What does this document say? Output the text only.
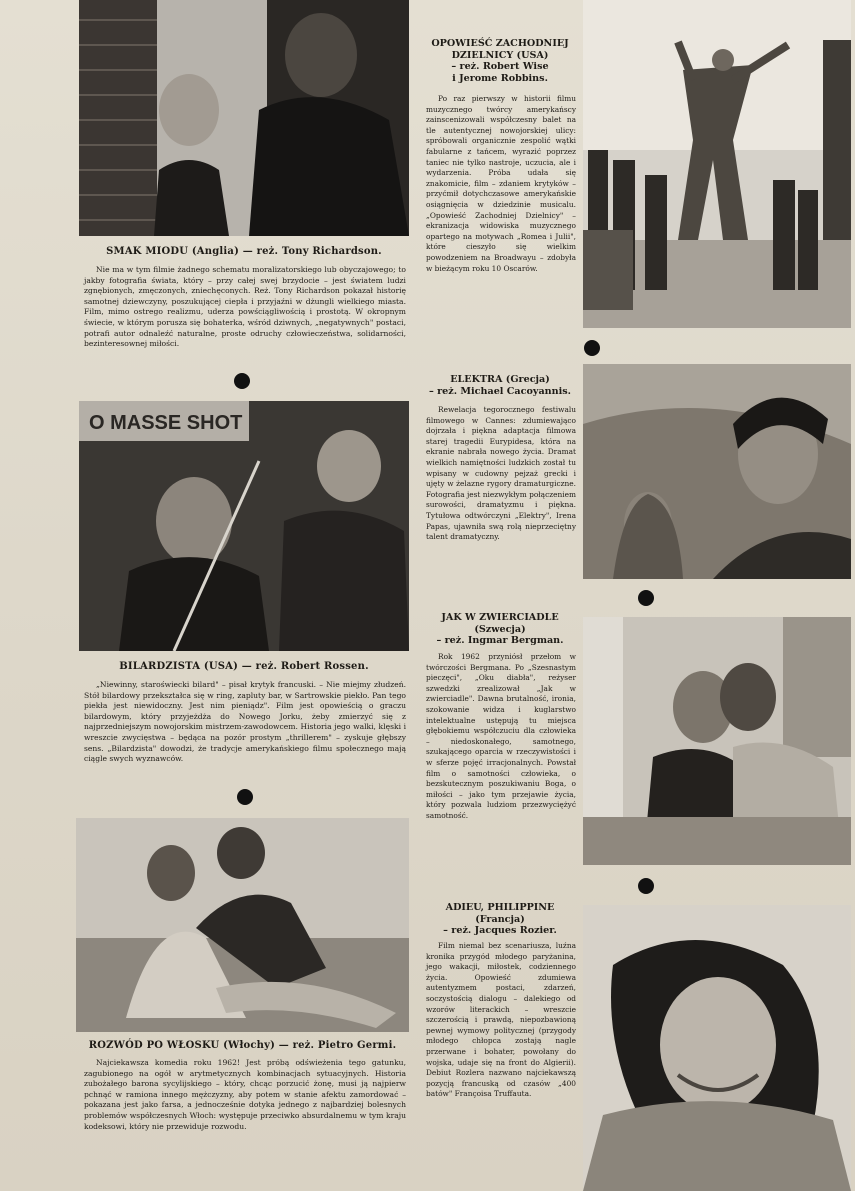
SMAK MIODU (Anglia) — reż. Tony Richardson.

Nie ma w tym filmie żadnego schematu moralizatorskiego lub obyczajowego; to jakby fotografia świata, który – przy całej swej brzydocie – jest światem ludzi zgnębionych, zmęczonych, zniechęconych. Reż. Tony Richardson pokazał historię samotnej dziewczyny, poszukującej ciepła i przyjaźni w dżungli wielkiego miasta. Film, mimo ostrego realizmu, uderza powściągliwością i prostotą. W okropnym świecie, w którym porusza się bohaterka, wśród dziwnych, „negatywnych" postaci, potrafi autor odnaleźć naturalne, proste odruchy człowieczeństwa, solidarności, bezinteresownej miłości.

O MASSE SHOT
BILARDZISTA (USA) — reż. Robert Rossen.

„Niewinny, staroświecki bilard" – pisał krytyk francuski. – Nie miejmy złudzeń. Stół bilardowy przekształca się w ring, zapluty bar, w Sartrowskie piekło. Pan tego piekła jest niewidoczny. Jest nim pieniądz". Film jest opowieścią o graczu bilardowym, który przyjeżdża do Nowego Jorku, żeby zmierzyć się z najprzedniejszym nowojorskim mistrzem-zawodowcem. Historia jego walki, klęski i wreszcie zwycięstwa – będąca na pozór prostym „thrillerem" – zyskuje głębszy sens. „Bilardzista" dowodzi, że tradycje amerykańskiego filmu społecznego mają ciągle swych wyznawców.

ROZWÓD PO WŁOSKU (Włochy) — reż. Pietro Germi.

Najciekawsza komedia roku 1962! Jest próbą odświeżenia tego gatunku, zagubionego na ogół w arytmetycznych kombinacjach sytuacyjnych. Historia zubożałego barona sycylijskiego – który, chcąc porzucić żonę, musi ją najpierw pchnąć w ramiona innego mężczyzny, aby potem w stanie afektu zamordować – pokazana jest jako farsa, a jednocześnie dotyka jednego z najbardziej bolesnych problemów współczesnych Włoch: występuje przeciwko absurdalnemu w tym kraju kodeksowi, który nie przewiduje rozwodu.

OPOWIEŚĆ ZACHODNIEJ
DZIELNICY (USA)
– reż. Robert Wise
i Jerome Robbins.

Po raz pierwszy w historii filmu muzycznego twórcy amerykańscy zainscenizowali współczesny balet na tle autentycznej nowojorskiej ulicy: spróbowali organicznie zespolić wątki fabularne z tańcem, wyrazić poprzez taniec nie tylko nastroje, uczucia, ale i wydarzenia. Próba udała się znakomicie, film – zdaniem krytyków – przyćmił dotychczasowe amerykańskie osiągnięcia w dziedzinie musicalu. „Opowieść Zachodniej Dzielnicy" – ekranizacja widowiska muzycznego opartego na motywach „Romea i Julii", które cieszyło się wielkim powodzeniem na Broadwayu – zdobyła w bieżącym roku 10 Oscarów.

ELEKTRA (Grecja)
– reż. Michael Cacoyannis.

Rewelacja tegorocznego festiwalu filmowego w Cannes: zdumiewająco dojrzała i piękna adaptacja filmowa starej tragedii Eurypidesa, która na ekranie nabrała nowego życia. Dramat wielkich namiętności ludzkich został tu wpisany w cudowny pejzaż grecki i ujęty w żelazne rygory dramaturgiczne. Fotografia jest niezwykłym połączeniem surowości, dramatyzmu i piękna. Tytułowa odtwórczyni „Elektry", Irena Papas, ujawniła swą rolą nieprzeciętny talent dramatyczny.

JAK W ZWIERCIADLE
(Szwecja)
– reż. Ingmar Bergman.

Rok 1962 przyniósł przełom w twórczości Bergmana. Po „Szesnastym pieczęci", „Oku diabła", reżyser szwedzki zrealizował „Jak w zwierciadle". Dawna brutalność, ironia, szokowanie widza i kuglarstwo intelektualne ustępują tu miejsca głębokiemu współczuciu dla człowieka – niedoskonałego, samotnego, szukającego oparcia w rzeczywistości i w sferze pojęć irracjonalnych. Powstał film o samotności człowieka, o bezskutecznym poszukiwaniu Boga, o miłości – jako tym przejawie życia, który pozwala ludziom przezwyciężyć samotność.

ADIEU, PHILIPPINE
(Francja)
– reż. Jacques Rozier.

Film niemal bez scenariusza, luźna kronika przygód młodego paryżanina, jego wakacji, miłostek, codziennego życia. Opowieść zdumiewa autentyzmem postaci, zdarzeń, soczystością dialogu – dalekiego od wzorów literackich – wreszcie szczerością i prawdą, niepozbawioną pewnej wymowy politycznej (przygody młodego chłopca zostają nagle przerwane i bohater, powołany do wojska, udaje się na front do Algierii). Debiut Rozlera nazwano najciekawszą pozycją francuską od czasów „400 batów" Françoisa Truffauta.
